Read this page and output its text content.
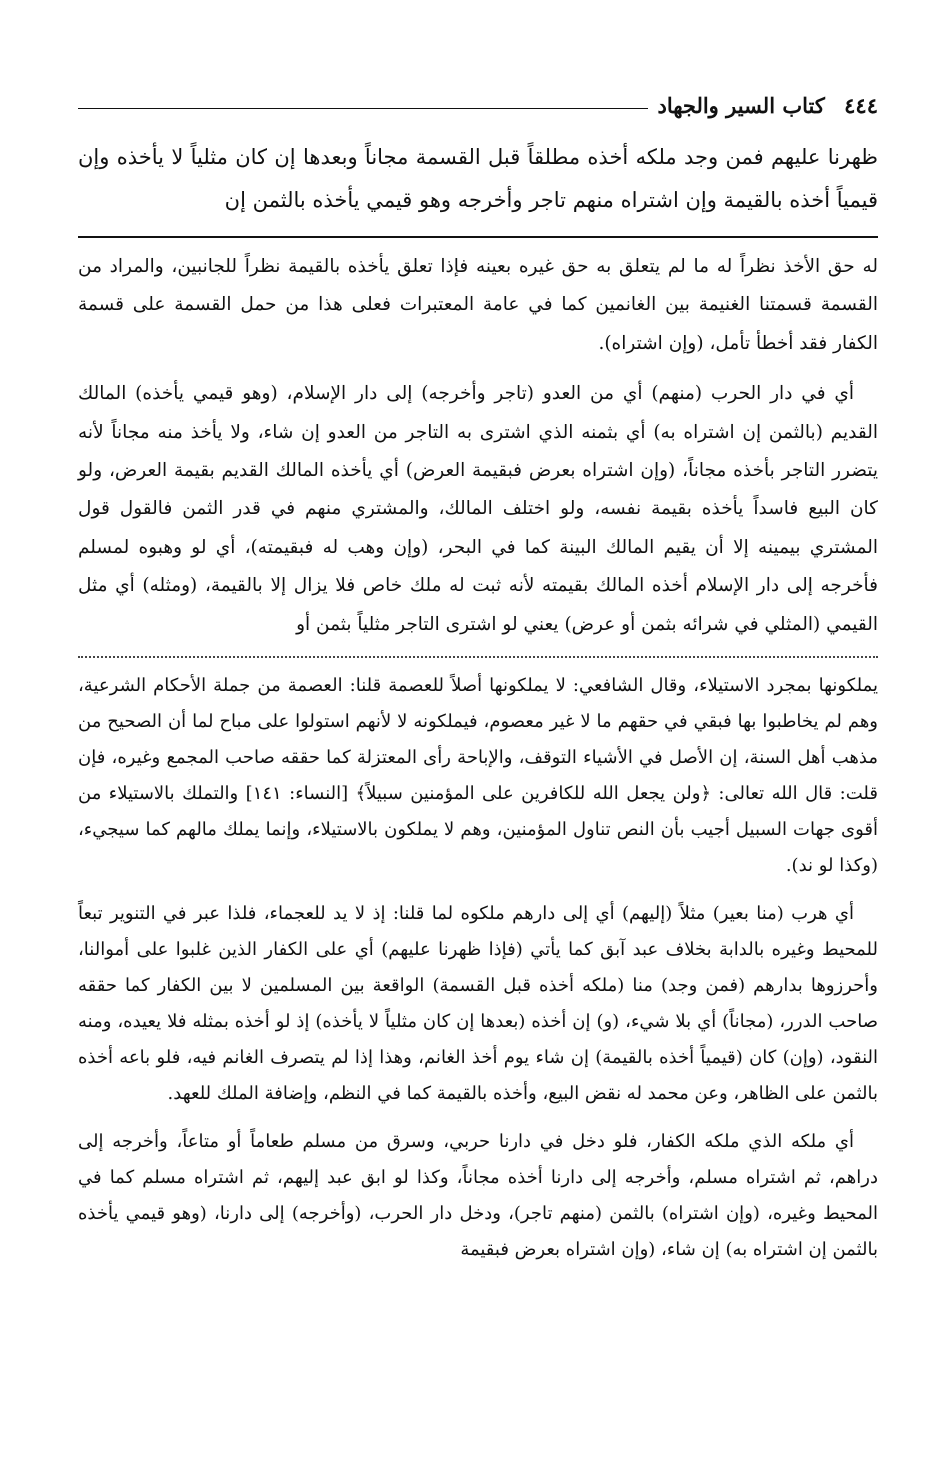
٤٤٤ كتاب السير والجهاد

ظهرنا عليهم فمن وجد ملكه أخذه مطلقاً قبل القسمة مجاناً وبعدها إن كان مثلياً لا يأخذه وإن قيمياً أخذه بالقيمة وإن اشتراه منهم تاجر وأخرجه وهو قيمي يأخذه بالثمن إن

له حق الأخذ نظراً له ما لم يتعلق به حق غيره بعينه فإذا تعلق يأخذه بالقيمة نظراً للجانبين، والمراد من القسمة قسمتنا الغنيمة بين الغانمين كما في عامة المعتبرات فعلى هذا من حمل القسمة على قسمة الكفار فقد أخطأ تأمل، (وإن اشتراه).

أي في دار الحرب (منهم) أي من العدو (تاجر وأخرجه) إلى دار الإسلام، (وهو قيمي يأخذه) المالك القديم (بالثمن إن اشتراه به) أي بثمنه الذي اشترى به التاجر من العدو إن شاء، ولا يأخذ منه مجاناً لأنه يتضرر التاجر بأخذه مجاناً، (وإن اشتراه بعرض فبقيمة العرض) أي يأخذه المالك القديم بقيمة العرض، ولو كان البيع فاسداً يأخذه بقيمة نفسه، ولو اختلف المالك، والمشتري منهم في قدر الثمن فالقول قول المشتري بيمينه إلا أن يقيم المالك البينة كما في البحر، (وإن وهب له فبقيمته)، أي لو وهبوه لمسلم فأخرجه إلى دار الإسلام أخذه المالك بقيمته لأنه ثبت له ملك خاص فلا يزال إلا بالقيمة، (ومثله) أي مثل القيمي (المثلي في شرائه بثمن أو عرض) يعني لو اشترى التاجر مثلياً بثمن أو

يملكونها بمجرد الاستيلاء، وقال الشافعي: لا يملكونها أصلاً للعصمة قلنا: العصمة من جملة الأحكام الشرعية، وهم لم يخاطبوا بها فبقي في حقهم ما لا غير معصوم، فيملكونه لا لأنهم استولوا على مباح لما أن الصحيح من مذهب أهل السنة، إن الأصل في الأشياء التوقف، والإباحة رأى المعتزلة كما حققه صاحب المجمع وغيره، فإن قلت: قال الله تعالى: ﴿ولن يجعل الله للكافرين على المؤمنين سبيلاً﴾ [النساء: ١٤١] والتملك بالاستيلاء من أقوى جهات السبيل أجيب بأن النص تناول المؤمنين، وهم لا يملكون بالاستيلاء، وإنما يملك مالهم كما سيجيء، (وكذا لو ند).

أي هرب (منا بعير) مثلاً (إليهم) أي إلى دارهم ملكوه لما قلنا: إذ لا يد للعجماء، فلذا عبر في التنوير تبعاً للمحيط وغيره بالدابة بخلاف عبد آبق كما يأتي (فإذا ظهرنا عليهم) أي على الكفار الذين غلبوا على أموالنا، وأحرزوها بدارهم (فمن وجد) منا (ملكه أخذه قبل القسمة) الواقعة بين المسلمين لا بين الكفار كما حققه صاحب الدرر، (مجاناً) أي بلا شيء، (و) إن أخذه (بعدها إن كان مثلياً لا يأخذه) إذ لو أخذه بمثله فلا يعيده، ومنه النقود، (وإن) كان (قيمياً أخذه بالقيمة) إن شاء يوم أخذ الغانم، وهذا إذا لم يتصرف الغانم فيه، فلو باعه أخذه بالثمن على الظاهر، وعن محمد له نقض البيع، وأخذه بالقيمة كما في النظم، وإضافة الملك للعهد.

أي ملكه الذي ملكه الكفار، فلو دخل في دارنا حربي، وسرق من مسلم طعاماً أو متاعاً، وأخرجه إلى دراهم، ثم اشتراه مسلم، وأخرجه إلى دارنا أخذه مجاناً، وكذا لو ابق عبد إليهم، ثم اشتراه مسلم كما في المحيط وغيره، (وإن اشتراه) بالثمن (منهم تاجر)، ودخل دار الحرب، (وأخرجه) إلى دارنا، (وهو قيمي يأخذه بالثمن إن اشتراه به) إن شاء، (وإن اشتراه بعرض فبقيمة
